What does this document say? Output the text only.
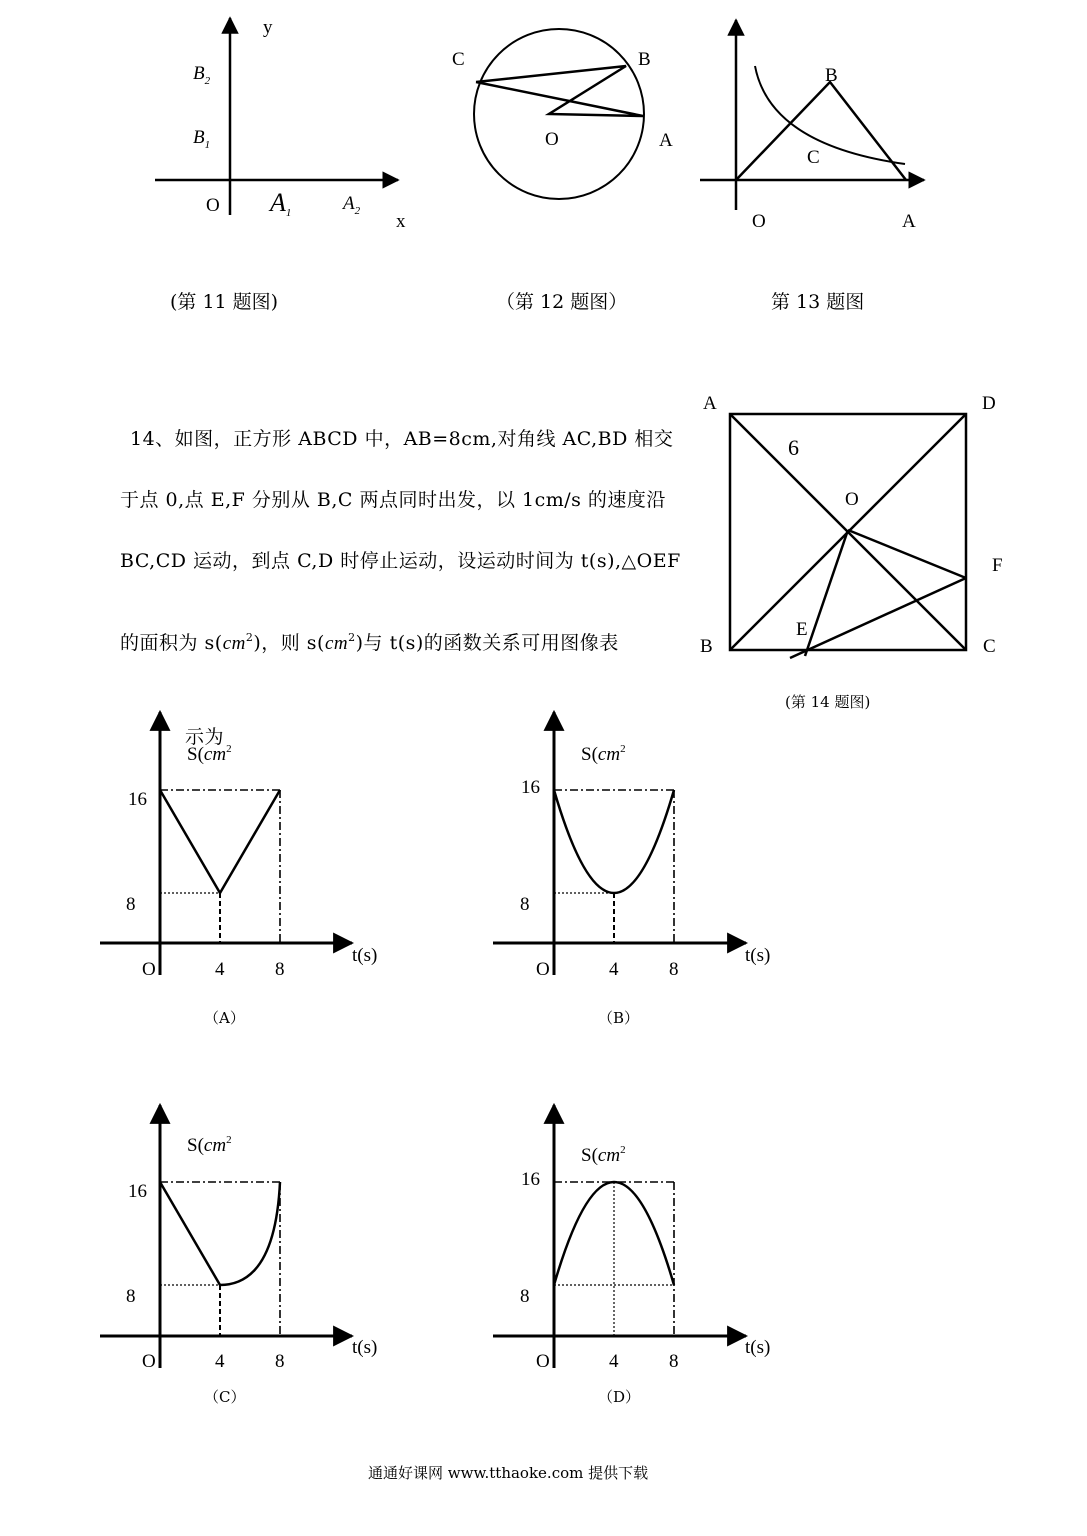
y
$B_2$
$B_1$
O $A_1$	$A_2$ x
(第 11 题图)
C	B
O	A
（第 12 题图）
B
C
O	A
第 13 题图
14、如图，正方形 ABCD 中，AB=8cm,对角线 AC,BD 相交
于点 0,点 E,F 分别从 B,C 两点同时出发，以 1cm/s 的速度沿
BC,CD 运动，到点 C,D 时停止运动，设运动时间为 t(s),△OEF
的面积为 $s(cm^2)$，则 $s(cm^2)$与 t(s)的函数关系可用图像表
示为
A	D
6
O
F
E
B	C
(第 14 题图)
$S(cm^2$
16
8
O	4	8
t(s)
（A）
$S(cm^2$
16
8
O	4	8
t(s)
（B）
$S(cm^2$
16
8
O	4	8
t(s)
（C）
$S(cm^2$
16
8
O	4	8
t(s)
（D）
通通好课网 www.tthaoke.com 提供下载
